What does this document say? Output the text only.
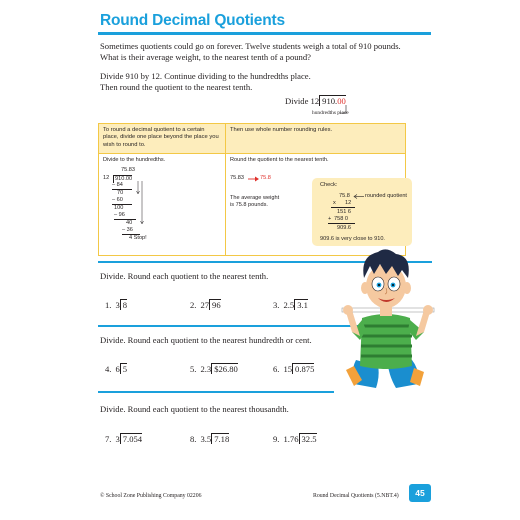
Round Decimal Quotients
Sometimes quotients could go on forever. Twelve students weigh a total of 910 pounds.
What is their average weight, to the nearest tenth of a pound?
Divide 910 by 12. Continue dividing to the hundredths place.
Then round the quotient to the nearest tenth.
Divide 12 910.00
hundredths place
To round a decimal quotient to a certain place, divide one place beyond the place you wish to round to.
Then use whole number rounding rules.
Divide to the hundredths.
75.83
12	910.00
– 84
70
– 60
100
– 96
40
– 36
4 Stop!
Round the quotient to the nearest tenth.
75.83	75.8
The average weight
is 75.8 pounds.
Check:
75.8	rounded quotient
x 12
151 6
+ 758 0
909.6
909.6 is very close to 910.
Divide. Round each quotient to the nearest tenth.
1. 3 8	2. 27 96	3. 2.5 3.1
Divide. Round each quotient to the nearest hundredth or cent.
4. 6 5	5. 2.3 $26.80	6. 15 0.875
Divide. Round each quotient to the nearest thousandth.
7. 3 7.054	8. 3.5 7.18	9. 1.76 32.5
© School Zone Publishing Company 02206	Round Decimal Quotients (5.NBT.4)	45
